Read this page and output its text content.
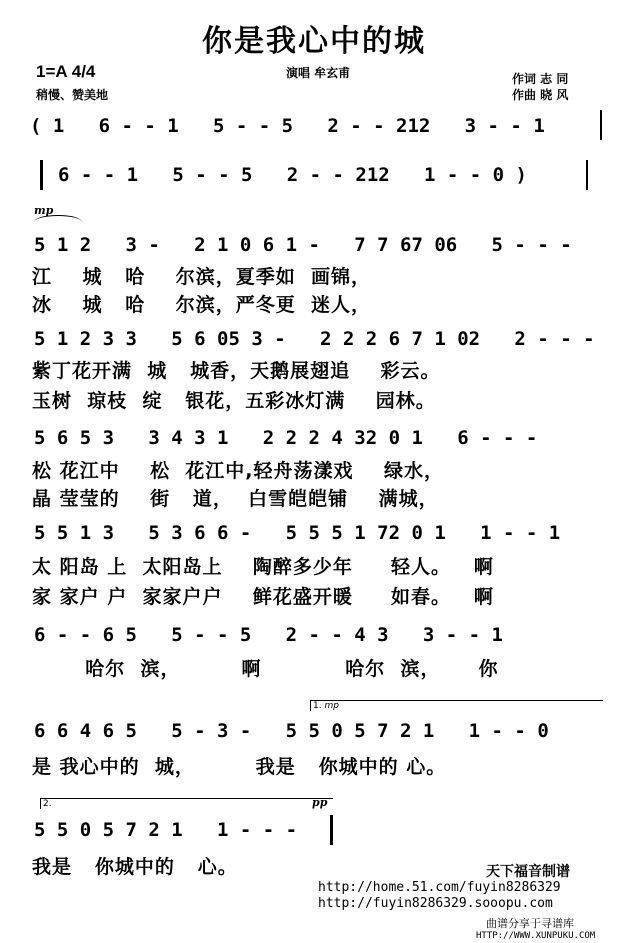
你是我心中的城
1=A 4/4
稍慢、赞美地
演唱 牟玄甫	作词 志 同
作曲 晓 风
( 1   6 - - 1   5 - - 5   2 - - 212   3 - - 1
6 - - 1   5 - - 5   2 - - 212   1 - - 0 )
mp
5 1 2   3 -   2 1 0 6 1 -   7 7 67 06   5 - - -
江    城   哈    尔滨，夏季如  画锦，
冰    城   哈    尔滨，严冬更  迷人，
5 1 2 3 3   5 6 05 3 -   2 2 2 6 7 1 02   2 - - -
紫丁花开满  城   城香，天鹅展翅追    彩云。
玉树  琼枝  绽   银花，五彩冰灯满    园林。
5 6 5 3   3 4 3 1   2 2 2 4 32 0 1   6 - - -
松 花江中    松  花江中,轻舟荡漾戏    绿水，
晶 莹莹的    街   道，  白雪皑皑铺    满城，
5 5 1 3   5 3 6 6 -   5 5 5 1 72 0 1   1 - - 1
太 阳岛 上  太阳岛上    陶醉多少年     轻人。   啊
家 家户 户  家家户户    鲜花盛开暖     如春。   啊
6 - - 6 5   5 - - 5   2 - - 4 3   3 - - 1
哈尔  滨，        啊           哈尔  滨，     你
1. mp
6 6 4 6 5   5 - 3 -   5 5 0 5 7 2 1   1 - - 0
是 我心中的  城，        我是   你城中的 心。
2.	pp
5 5 0 5 7 2 1   1 - - -
我是   你城中的   心。	天下福音制谱
http://home.51.com/fuyin8286329
http://fuyin8286329.sooopu.com
曲谱分享于寻谱库
HTTP://WWW.XUNPUKU.COM
